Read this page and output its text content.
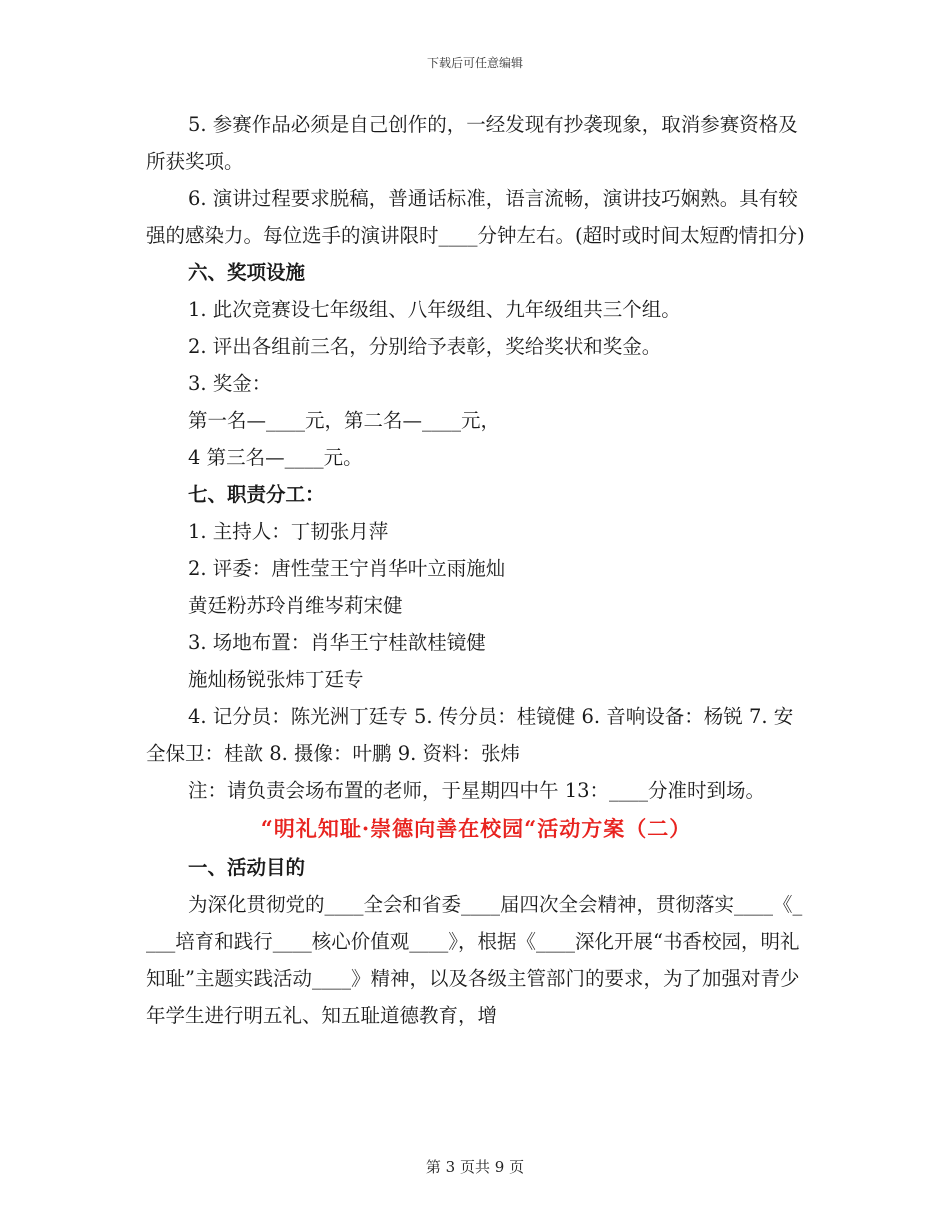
下载后可任意编辑

5. 参赛作品必须是自己创作的，一经发现有抄袭现象，取消参赛资格及所获奖项。

6. 演讲过程要求脱稿，普通话标准，语言流畅，演讲技巧娴熟。具有较强的感染力。每位选手的演讲限时____分钟左右。(超时或时间太短酌情扣分)

六、奖项设施

1. 此次竞赛设七年级组、八年级组、九年级组共三个组。

2. 评出各组前三名，分别给予表彰，奖给奖状和奖金。

3. 奖金：

第一名—____元，第二名—____元，

4 第三名—____元。

七、职责分工：

1. 主持人：丁韧张月萍

2. 评委：唐性莹王宁肖华叶立雨施灿

黄廷粉苏玲肖维岑莉宋健

3. 场地布置：肖华王宁桂歆桂镜健

施灿杨锐张炜丁廷专

4. 记分员：陈光洲丁廷专 5. 传分员：桂镜健 6. 音响设备：杨锐 7. 安全保卫：桂歆 8. 摄像：叶鹏 9. 资料：张炜

注：请负责会场布置的老师，于星期四中午 13：____分准时到场。

“明礼知耻·崇德向善在校园“活动方案（二）

一、活动目的

为深化贯彻党的____全会和省委____届四次全会精神，贯彻落实____《____培育和践行____核心价值观____》，根据《____深化开展“书香校园，明礼知耻”主题实践活动____》精神，以及各级主管部门的要求，为了加强对青少年学生进行明五礼、知五耻道德教育，增

第 3 页共 9 页
